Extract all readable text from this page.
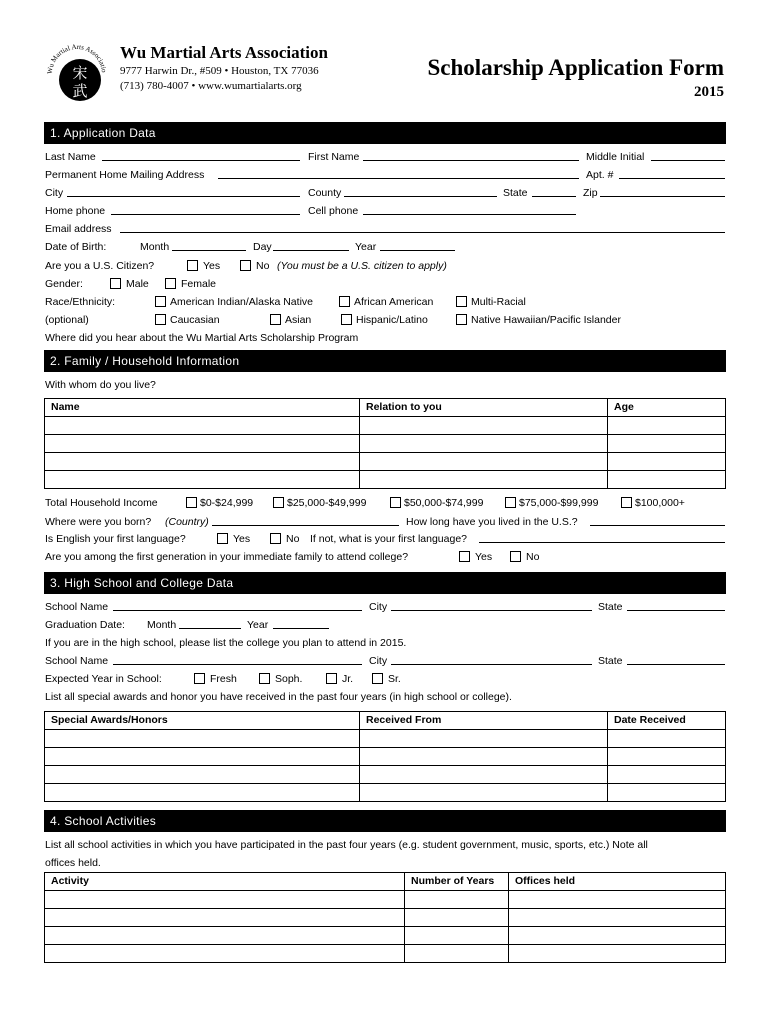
Wu Martial Arts Associatio
宋
武
Wu Martial Arts Association
9777 Harwin Dr., #509 • Houston, TX 77036
(713) 780-4007 • www.wumartialarts.org
Scholarship Application Form
2015
1. Application Data
Last Name	First Name	Middle Initial
Permanent Home Mailing Address	Apt. #
City	County	State	Zip
Home phone	Cell phone
Email address
Date of Birth:	Month	Day	Year
Are you a U.S. Citizen?	Yes	No (You must be a U.S. citizen to apply)
Gender:	Male	Female
Race/Ethnicity:	American Indian/Alaska Native	African American	Multi-Racial
(optional)	Caucasian	Asian	Hispanic/Latino	Native Hawaiian/Pacific Islander
Where did you hear about the Wu Martial Arts Scholarship Program
2. Family / Household Information
With whom do you live?
Name	Relation to you	Age

Total Household Income	$0-$24,999	$25,000-$49,999	$50,000-$74,999	$75,000-$99,999	$100,000+
Where were you born? (Country)	How long have you lived in the U.S.?
Is English your first language?	Yes	No If not, what is your first language?
Are you among the first generation in your immediate family to attend college?	Yes	No
3. High School and College Data
School Name	City	State
Graduation Date: Month	Year
If you are in the high school, please list the college you plan to attend in 2015.
School Name	City	State
Expected Year in School:	Fresh	Soph.	Jr.	Sr.
List all special awards and honor you have received in the past four years (in high school or college).
Special Awards/Honors	Received From	Date Received

4. School Activities
List all school activities in which you have participated in the past four years (e.g. student government, music, sports, etc.) Note all
offices held.
Activity	Number of Years	Offices held
